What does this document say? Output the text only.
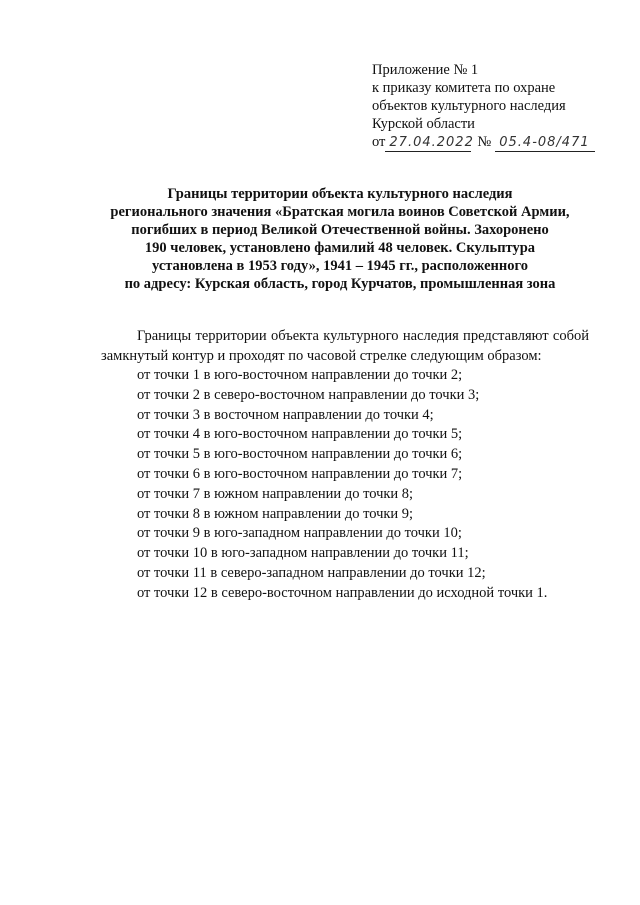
Приложение № 1
к приказу комитета по охране
объектов культурного наследия
Курской области
от 27.04.2022 № 05.4-08/471
Границы территории объекта культурного наследия
регионального значения «Братская могила воинов Советской Армии,
погибших в период Великой Отечественной войны. Захоронено
190 человек, установлено фамилий 48 человек. Скульптура
установлена в 1953 году», 1941 – 1945 гг., расположенного
по адресу: Курская область, город Курчатов, промышленная зона

Границы территории объекта культурного наследия представляют собой замкнутый контур и проходят по часовой стрелке следующим образом:

от точки 1 в юго-восточном направлении до точки 2;
от точки 2 в северо-восточном направлении до точки 3;
от точки 3 в восточном направлении до точки 4;
от точки 4 в юго-восточном направлении до точки 5;
от точки 5 в юго-восточном направлении до точки 6;
от точки 6 в юго-восточном направлении до точки 7;
от точки 7 в южном направлении до точки 8;
от точки 8 в южном направлении до точки 9;
от точки 9 в юго-западном направлении до точки 10;
от точки 10 в юго-западном направлении до точки 11;
от точки 11 в северо-западном направлении до точки 12;
от точки 12 в северо-восточном направлении до исходной точки 1.
